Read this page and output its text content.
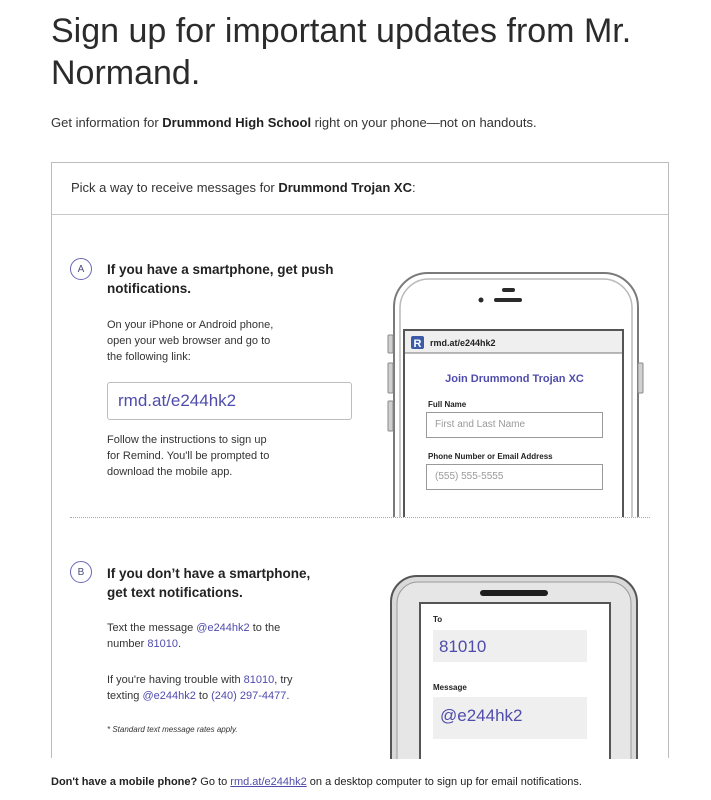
Sign up for important updates from Mr. Normand.
Get information for Drummond High School right on your phone—not on handouts.
Pick a way to receive messages for Drummond Trojan XC:
A If you have a smartphone, get push
notifications.
On your iPhone or Android phone,
open your web browser and go to
the following link:
rmd.at/e244hk2
Follow the instructions to sign up
for Remind. You'll be prompted to
download the mobile app.
R rmd.at/e244hk2
Join Drummond Trojan XC
Full Name
First and Last Name
Phone Number or Email Address
(555) 555-5555
B If you don’t have a smartphone,
get text notifications.
Text the message @e244hk2 to the
number 81010.
If you're having trouble with 81010, try
texting @e244hk2 to (240) 297-4477.
* Standard text message rates apply.
To
81010
Message
@e244hk2
Don't have a mobile phone? Go to rmd.at/e244hk2 on a desktop computer to sign up for email notifications.
